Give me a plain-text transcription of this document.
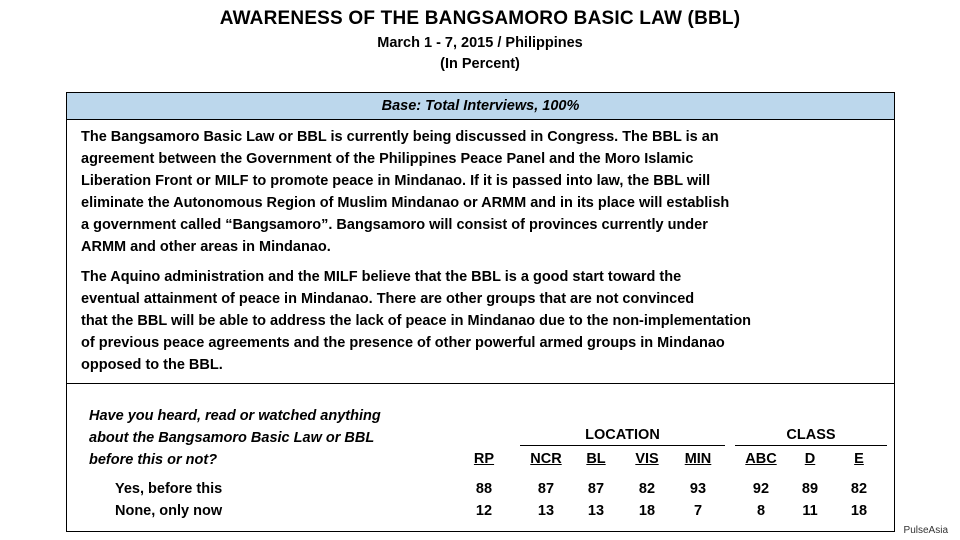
AWARENESS OF THE BANGSAMORO BASIC LAW (BBL)
March 1 - 7, 2015 / Philippines
(In Percent)
Base: Total Interviews, 100%

The Bangsamoro Basic Law or BBL is currently being discussed in Congress. The BBL is an
agreement between the Government of the Philippines Peace Panel and the Moro Islamic
Liberation Front or MILF to promote peace in Mindanao. If it is passed into law, the BBL will
eliminate the Autonomous Region of Muslim Mindanao or ARMM and in its place will establish
a government called “Bangsamoro”. Bangsamoro will consist of provinces currently under
ARMM and other areas in Mindanao.

The Aquino administration and the MILF believe that the BBL is a good start toward the
eventual attainment of peace in Mindanao. There are other groups that are not convinced
that the BBL will be able to address the lack of peace in Mindanao due to the non-implementation
of previous peace agreements and the presence of other powerful armed groups in Mindanao
opposed to the BBL.

Have you heard, read or watched anything
about the Bangsamoro Basic Law or BBL
before this or not?
LOCATION	CLASS
RP	NCR	BL	VIS	MIN	ABC	D	E
Yes, before this	88	87	87	82	93	92	89	82
None, only now	12	13	13	18	7	8	11	18
PulseAsia
